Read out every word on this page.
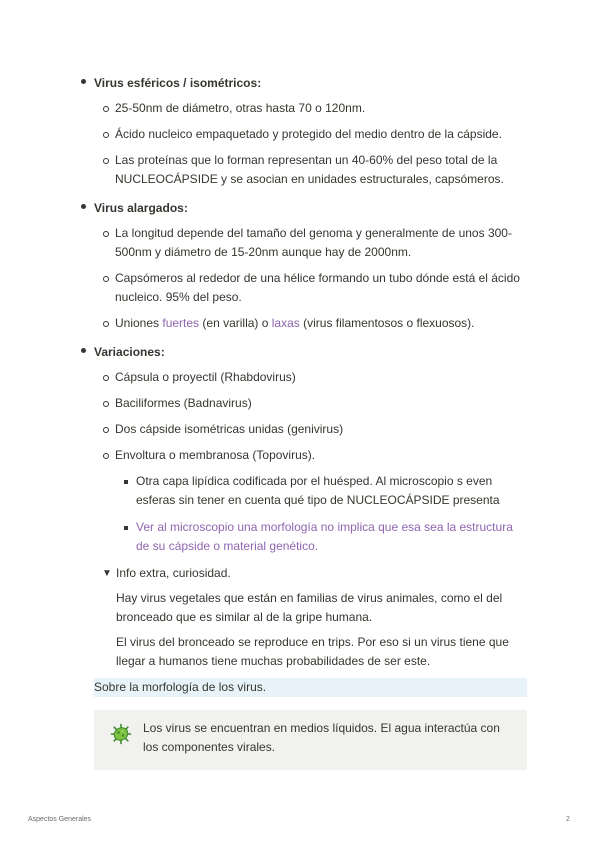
Virus esféricos / isométricos:
25-50nm de diámetro, otras hasta 70 o 120nm.
Ácido nucleico empaquetado y protegido del medio dentro de la cápside.
Las proteínas que lo forman representan un 40-60% del peso total de la NUCLEOCÁPSIDE y se asocian en unidades estructurales, capsómeros.
Virus alargados:
La longitud depende del tamaño del genoma y generalmente de unos 300-500nm y diámetro de 15-20nm aunque hay de 2000nm.
Capsómeros al rededor de una hélice formando un tubo dónde está el ácido nucleico. 95% del peso.
Uniones fuertes (en varilla) o laxas (virus filamentosos o flexuosos).
Variaciones:
Cápsula o proyectil (Rhabdovirus)
Baciliformes (Badnavirus)
Dos cápside isométricas unidas (genivirus)
Envoltura o membranosa (Topovirus).
Otra capa lipídica codificada por el huésped. Al microscopio s even esferas sin tener en cuenta qué tipo de NUCLEOCÁPSIDE presenta
Ver al microscopio una morfología no implica que esa sea la estructura de su cápside o material genético.
▼ Info extra, curiosidad.

Hay virus vegetales que están en familias de virus animales, como el del bronceado que es similar al de la gripe humana.

El virus del bronceado se reproduce en trips. Por eso si un virus tiene que llegar a humanos tiene muchas probabilidades de ser este.

Sobre la morfología de los virus.
Los virus se encuentran en medios líquidos. El agua interactúa con los componentes virales.
Aspectos Generales	2
